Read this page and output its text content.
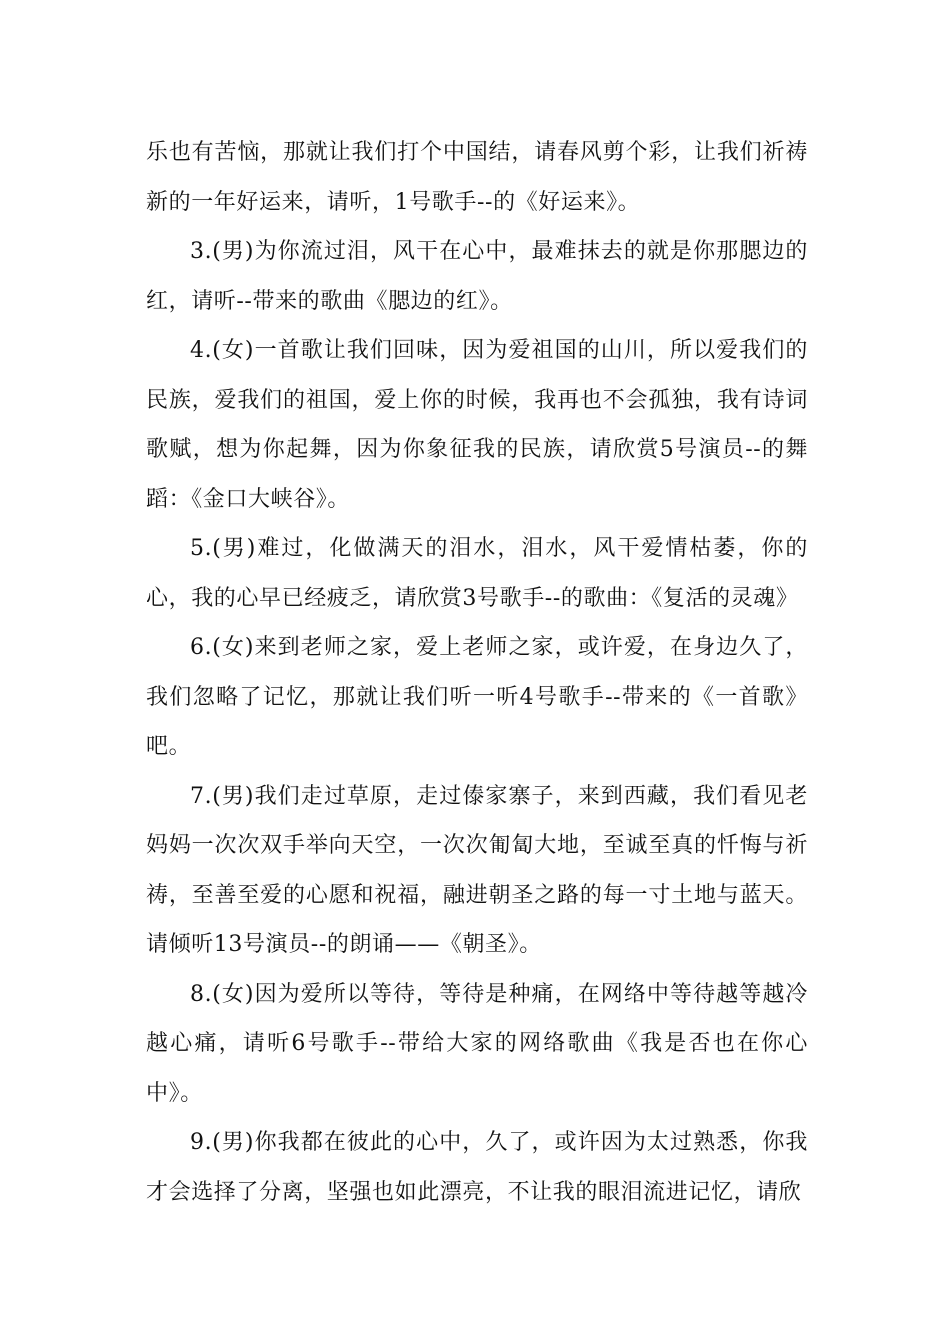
乐也有苦恼，那就让我们打个中国结，请春风剪个彩，让我们祈祷新的一年好运来，请听，1号歌手--的《好运来》。

3.(男)为你流过泪，风干在心中，最难抹去的就是你那腮边的红，请听--带来的歌曲《腮边的红》。

4.(女)一首歌让我们回味，因为爱祖国的山川，所以爱我们的民族，爱我们的祖国，爱上你的时候，我再也不会孤独，我有诗词歌赋，想为你起舞，因为你象征我的民族，请欣赏5号演员--的舞蹈：《金口大峡谷》。

5.(男)难过，化做满天的泪水，泪水，风干爱情枯萎，你的心，我的心早已经疲乏，请欣赏3号歌手--的歌曲：《复活的灵魂》

6.(女)来到老师之家，爱上老师之家，或许爱，在身边久了，我们忽略了记忆，那就让我们听一听4号歌手--带来的《一首歌》吧。

7.(男)我们走过草原，走过傣家寨子，来到西藏，我们看见老妈妈一次次双手举向天空，一次次匍匐大地，至诚至真的忏悔与祈祷，至善至爱的心愿和祝福，融进朝圣之路的每一寸土地与蓝天。请倾听13号演员--的朗诵——《朝圣》。

8.(女)因为爱所以等待，等待是种痛，在网络中等待越等越冷越心痛，请听6号歌手--带给大家的网络歌曲《我是否也在你心中》。

9.(男)你我都在彼此的心中，久了，或许因为太过熟悉，你我才会选择了分离，坚强也如此漂亮，不让我的眼泪流进记忆，请欣
